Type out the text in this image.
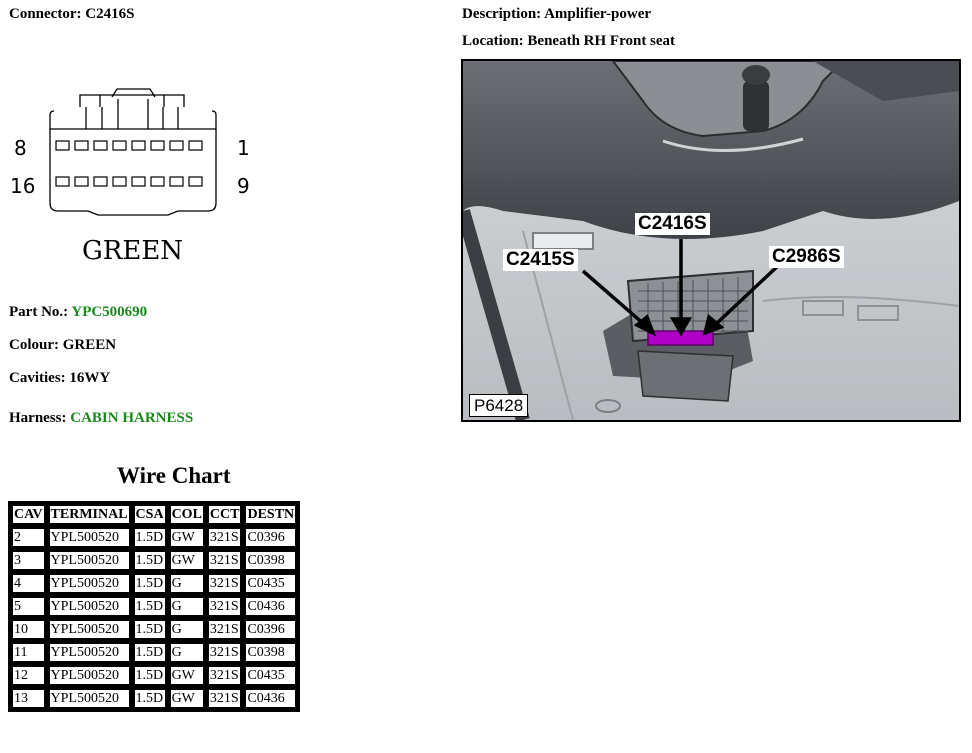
Connector: C2416S	Description: Amplifier-power
Location: Beneath RH Front seat
8	1
16	9
GREEN
Part No.: YPC500690
Colour: GREEN
Cavities: 16WY
Harness: CABIN HARNESS
Wire Chart
CAV	TERMINAL	CSA	COL	CCT	DESTN
2	YPL500520	1.5D	GW	321S	C0396
3	YPL500520	1.5D	GW	321S	C0398
4	YPL500520	1.5D	G	321S	C0435
5	YPL500520	1.5D	G	321S	C0436
10	YPL500520	1.5D	G	321S	C0396
11	YPL500520	1.5D	G	321S	C0398
12	YPL500520	1.5D	GW	321S	C0435
13	YPL500520	1.5D	GW	321S	C0436
C2416S
C2415S	C2986S
P6428
